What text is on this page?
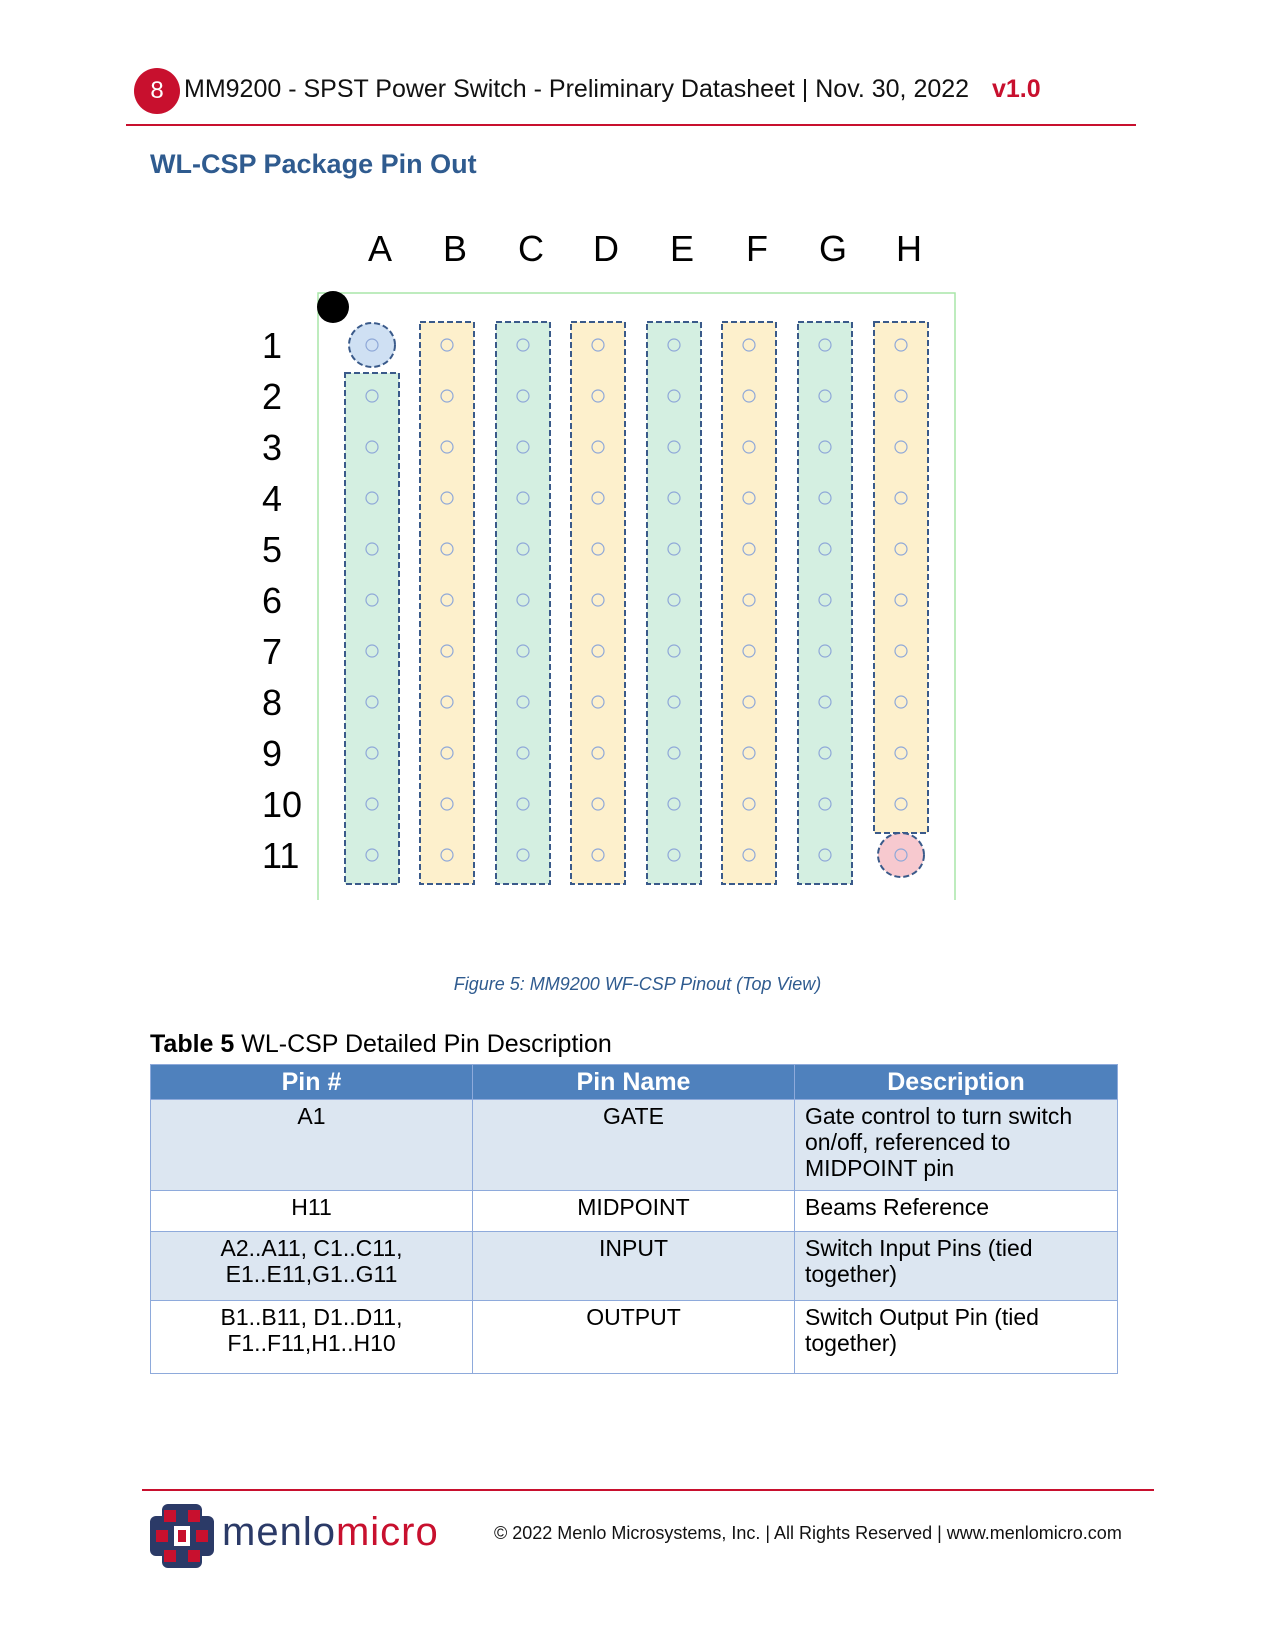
8 MM9200 - SPST Power Switch - Preliminary Datasheet | Nov. 30, 2022 v1.0
WL-CSP Package Pin Out
A B C D E F G H
1
2
3
4
5
6
7
8
9
10
11
Figure 5: MM9200 WF-CSP Pinout (Top View)
Table 5 WL-CSP Detailed Pin Description
Pin #	Pin Name	Description
A1	GATE	Gate control to turn switch on/off, referenced to MIDPOINT pin
H11	MIDPOINT	Beams Reference
A2..A11, C1..C11, E1..E11,G1..G11	INPUT	Switch Input Pins (tied together)
B1..B11, D1..D11, F1..F11,H1..H10	OUTPUT	Switch Output Pin (tied together)
menlomicro	© 2022 Menlo Microsystems, Inc. | All Rights Reserved | www.menlomicro.com
